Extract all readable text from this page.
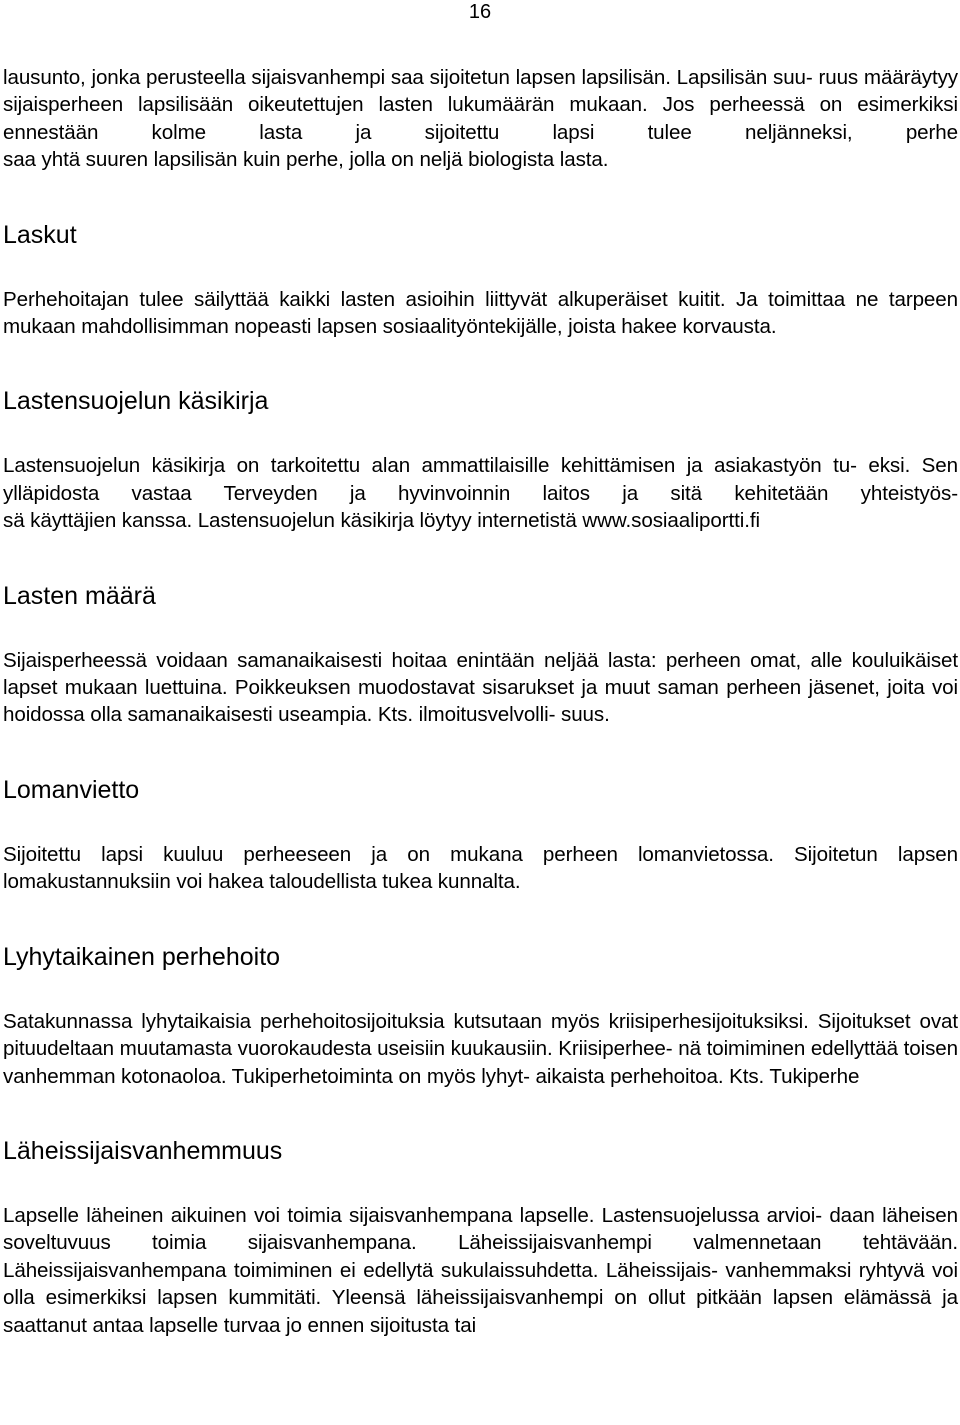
16
lausunto, jonka perusteella sijaisvanhempi saa sijoitetun lapsen lapsilisän. Lapsilisän suu- ruus määräytyy sijaisperheen lapsilisään oikeutettujen lasten lukumäärän mukaan. Jos perheessä on esimerkiksi ennestään kolme lasta ja sijoitettu lapsi tulee neljänneksi, perhe saa yhtä suuren lapsilisän kuin perhe, jolla on neljä biologista lasta.
Laskut
Perhehoitajan tulee säilyttää kaikki lasten asioihin liittyvät alkuperäiset kuitit. Ja toimittaa ne tarpeen mukaan mahdollisimman nopeasti lapsen sosiaalityöntekijälle, joista hakee korvausta.
Lastensuojelun käsikirja
Lastensuojelun käsikirja on tarkoitettu alan ammattilaisille kehittämisen ja asiakastyön tu- eksi. Sen ylläpidosta vastaa Terveyden ja hyvinvoinnin laitos ja sitä kehitetään yhteistyös- sä käyttäjien kanssa. Lastensuojelun käsikirja löytyy internetistä www.sosiaaliportti.fi
Lasten määrä
Sijaisperheessä voidaan samanaikaisesti hoitaa enintään neljää lasta: perheen omat, alle kouluikäiset lapset mukaan luettuina. Poikkeuksen muodostavat sisarukset ja muut saman perheen jäsenet, joita voi hoidossa olla samanaikaisesti useampia. Kts. ilmoitusvelvolli- suus.
Lomanvietto
Sijoitettu lapsi kuuluu perheeseen ja on mukana perheen lomanvietossa. Sijoitetun lapsen lomakustannuksiin voi hakea taloudellista tukea kunnalta.
Lyhytaikainen perhehoito
Satakunnassa lyhytaikaisia perhehoitosijoituksia kutsutaan myös kriisiperhesijoituksiksi. Sijoitukset ovat pituudeltaan muutamasta vuorokaudesta useisiin kuukausiin. Kriisiperhee- nä toimiminen edellyttää toisen vanhemman kotonaoloa. Tukiperhetoiminta on myös lyhyt- aikaista perhehoitoa. Kts. Tukiperhe
Läheissijaisvanhemmuus
Lapselle läheinen aikuinen voi toimia sijaisvanhempana lapselle. Lastensuojelussa arvioi- daan läheisen soveltuvuus toimia sijaisvanhempana. Läheissijaisvanhempi valmennetaan tehtävään. Läheissijaisvanhempana toimiminen ei edellytä sukulaissuhdetta. Läheissijais- vanhemmaksi ryhtyvä voi olla esimerkiksi lapsen kummitäti. Yleensä läheissijaisvanhempi on ollut pitkään lapsen elämässä ja saattanut antaa lapselle turvaa jo ennen sijoitusta tai
